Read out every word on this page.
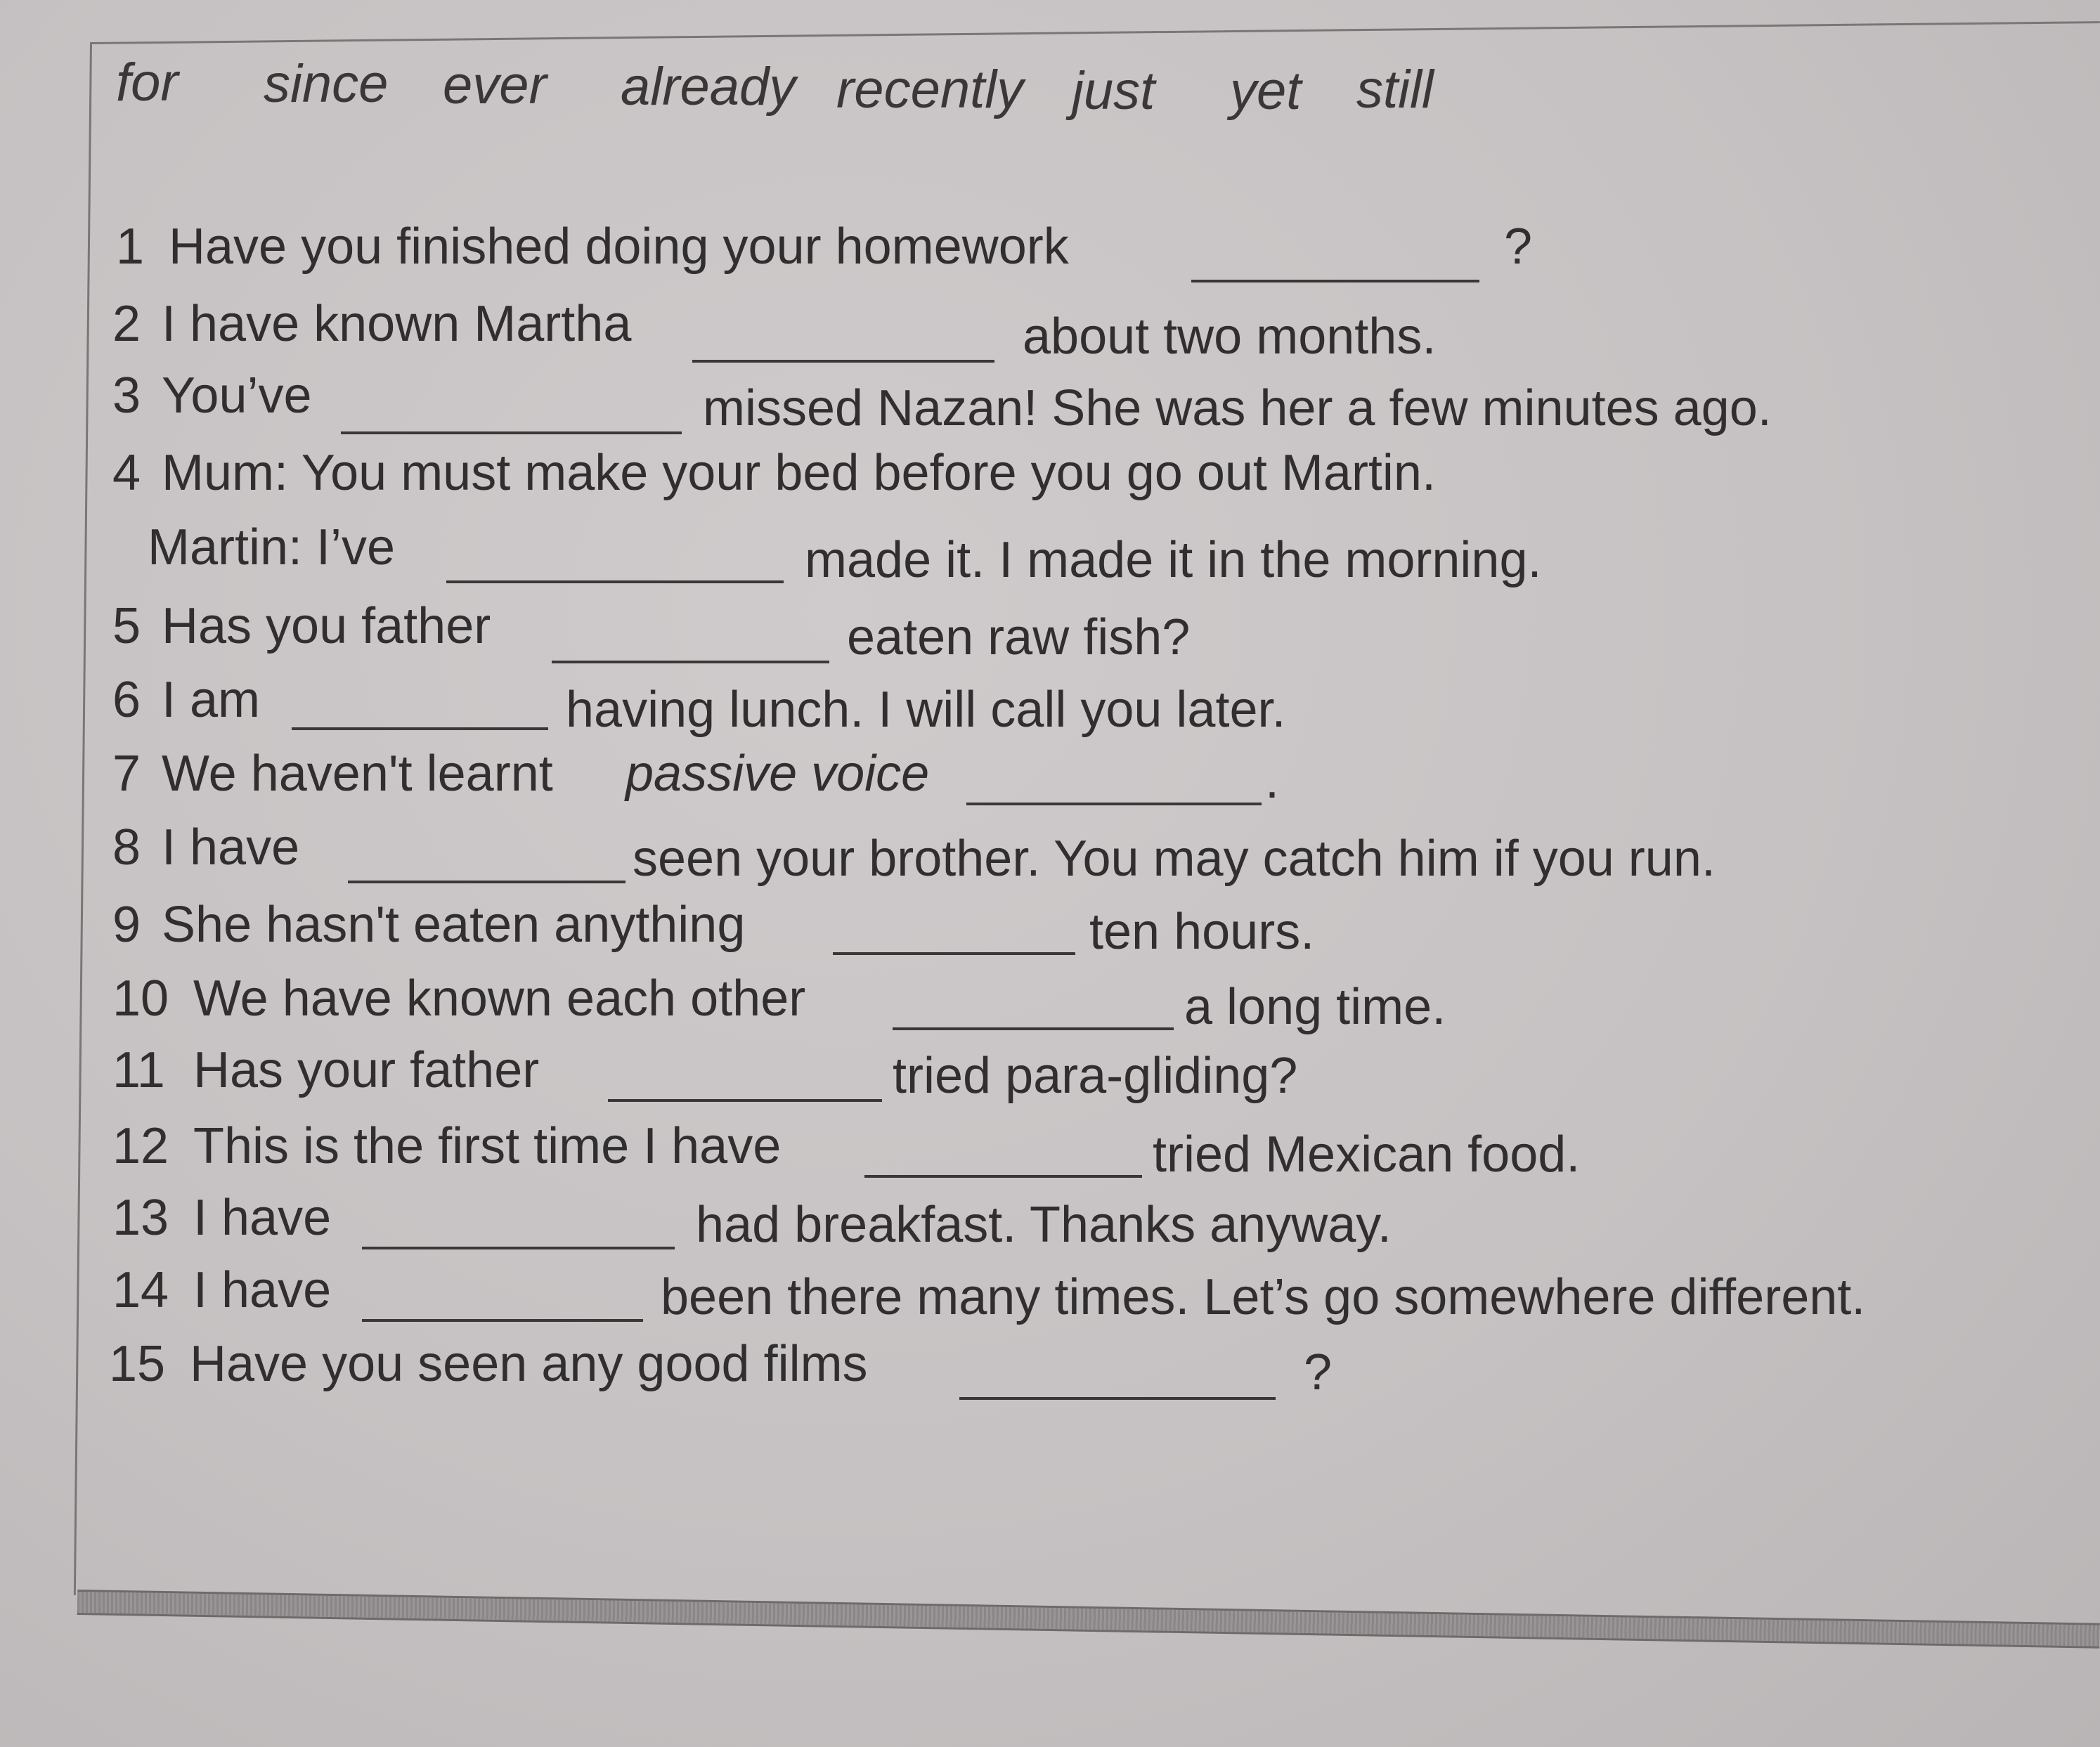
for since ever already recently just yet still
1 Have you finished doing your homework	?
2 I have known Martha	about two months.
3 You’ve	missed Nazan! She was her a few minutes ago.
4 Mum: You must make your bed before you go out Martin.
Martin: I’ve	made it. I made it in the morning.
5 Has you father	eaten raw fish?
6 I am	having lunch. I will call you later.
7 We haven't learnt passive voice	.
8 I have	seen your brother. You may catch him if you run.
9 She hasn't eaten anything	ten hours.
10 We have known each other	a long time.
11 Has your father	tried para-gliding?
12 This is the first time I have	tried Mexican food.
13 I have	had breakfast. Thanks anyway.
14 I have	been there many times. Let’s go somewhere different.
15 Have you seen any good films	?
